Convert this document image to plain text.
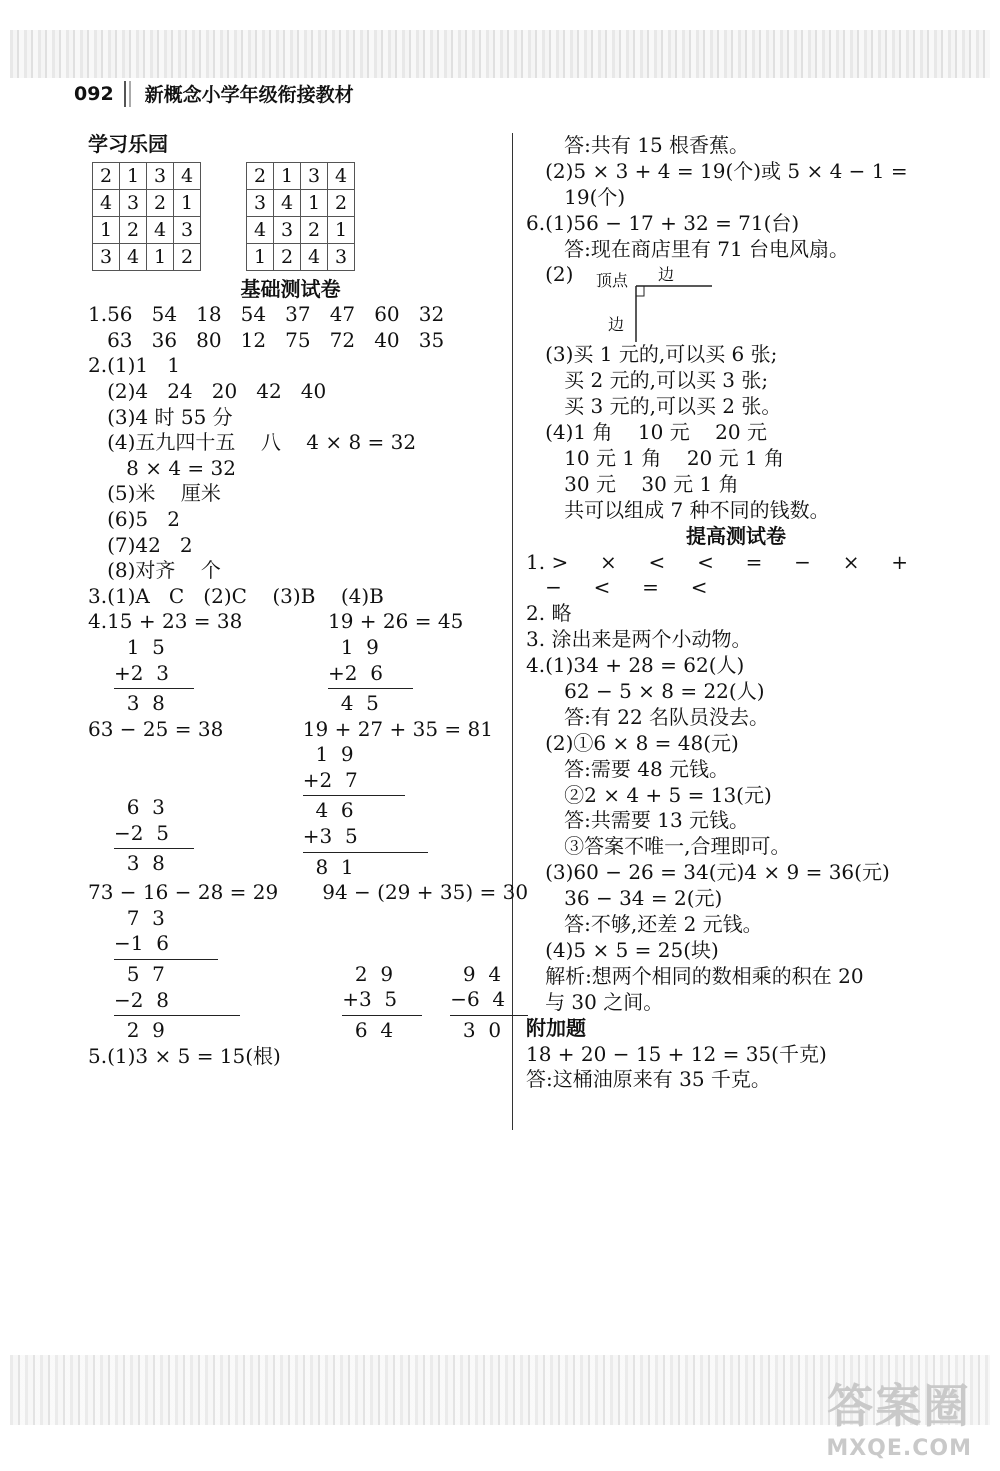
092 新概念小学年级衔接教材
学习乐园
2	1	3	4
4	3	2	1
1	2	4	3
3	4	1	2
2	1	3	4
3	4	1	2
4	3	2	1
1	2	4	3
基础测试卷
1.56   54   18   54   37   47   60   32
63   36   80   12   75   72   40   35
2.(1)1   1
(2)4   24   20   42   40
(3)4 时 55 分
(4)五九四十五    八    4 × 8 = 32
8 × 4 = 32
(5)米    厘米
(6)5   2
(7)42   2
(8)对齐    个
3.(1)A   C   (2)C    (3)B    (4)B
4.15 + 23 = 38
1  5
+2  3
3  8
19 + 26 = 45
1  9
+2  6
4  5
63 − 25 = 38
6  3
−2  5
3  8
19 + 27 + 35 = 81
1  9
+2  7
4  6
+3  5
8  1
73 − 16 − 28 = 29
7  3
−1  6
5  7
−2  8
2  9
94 − (29 + 35) = 30
2  9
+3  5
6  4
9  4
−6  4
3  0
5.(1)3 × 5 = 15(根)
答:共有 15 根香蕉。
(2)5 × 3 + 4 = 19(个)或 5 × 4 − 1 =
19(个)
6.(1)56 − 17 + 32 = 71(台)
答:现在商店里有 71 台电风扇。
(2) 顶点 边
边
(3)买 1 元的,可以买 6 张;
买 2 元的,可以买 3 张;
买 3 元的,可以买 2 张。
(4)1 角    10 元    20 元
10 元 1 角    20 元 1 角
30 元    30 元 1 角
共可以组成 7 种不同的钱数。
提高测试卷
1. >     ×     <     <     =     −     ×     +
−     <     =     <
2. 略
3. 涂出来是两个小动物。
4.(1)34 + 28 = 62(人)
62 − 5 × 8 = 22(人)
答:有 22 名队员没去。
(2)①6 × 8 = 48(元)
答:需要 48 元钱。
②2 × 4 + 5 = 13(元)
答:共需要 13 元钱。
③答案不唯一,合理即可。
(3)60 − 26 = 34(元)4 × 9 = 36(元)
36 − 34 = 2(元)
答:不够,还差 2 元钱。
(4)5 × 5 = 25(块)
解析:想两个相同的数相乘的积在 20
与 30 之间。
附加题
18 + 20 − 15 + 12 = 35(千克)
答:这桶油原来有 35 千克。
答案圈
MXQE.COM
